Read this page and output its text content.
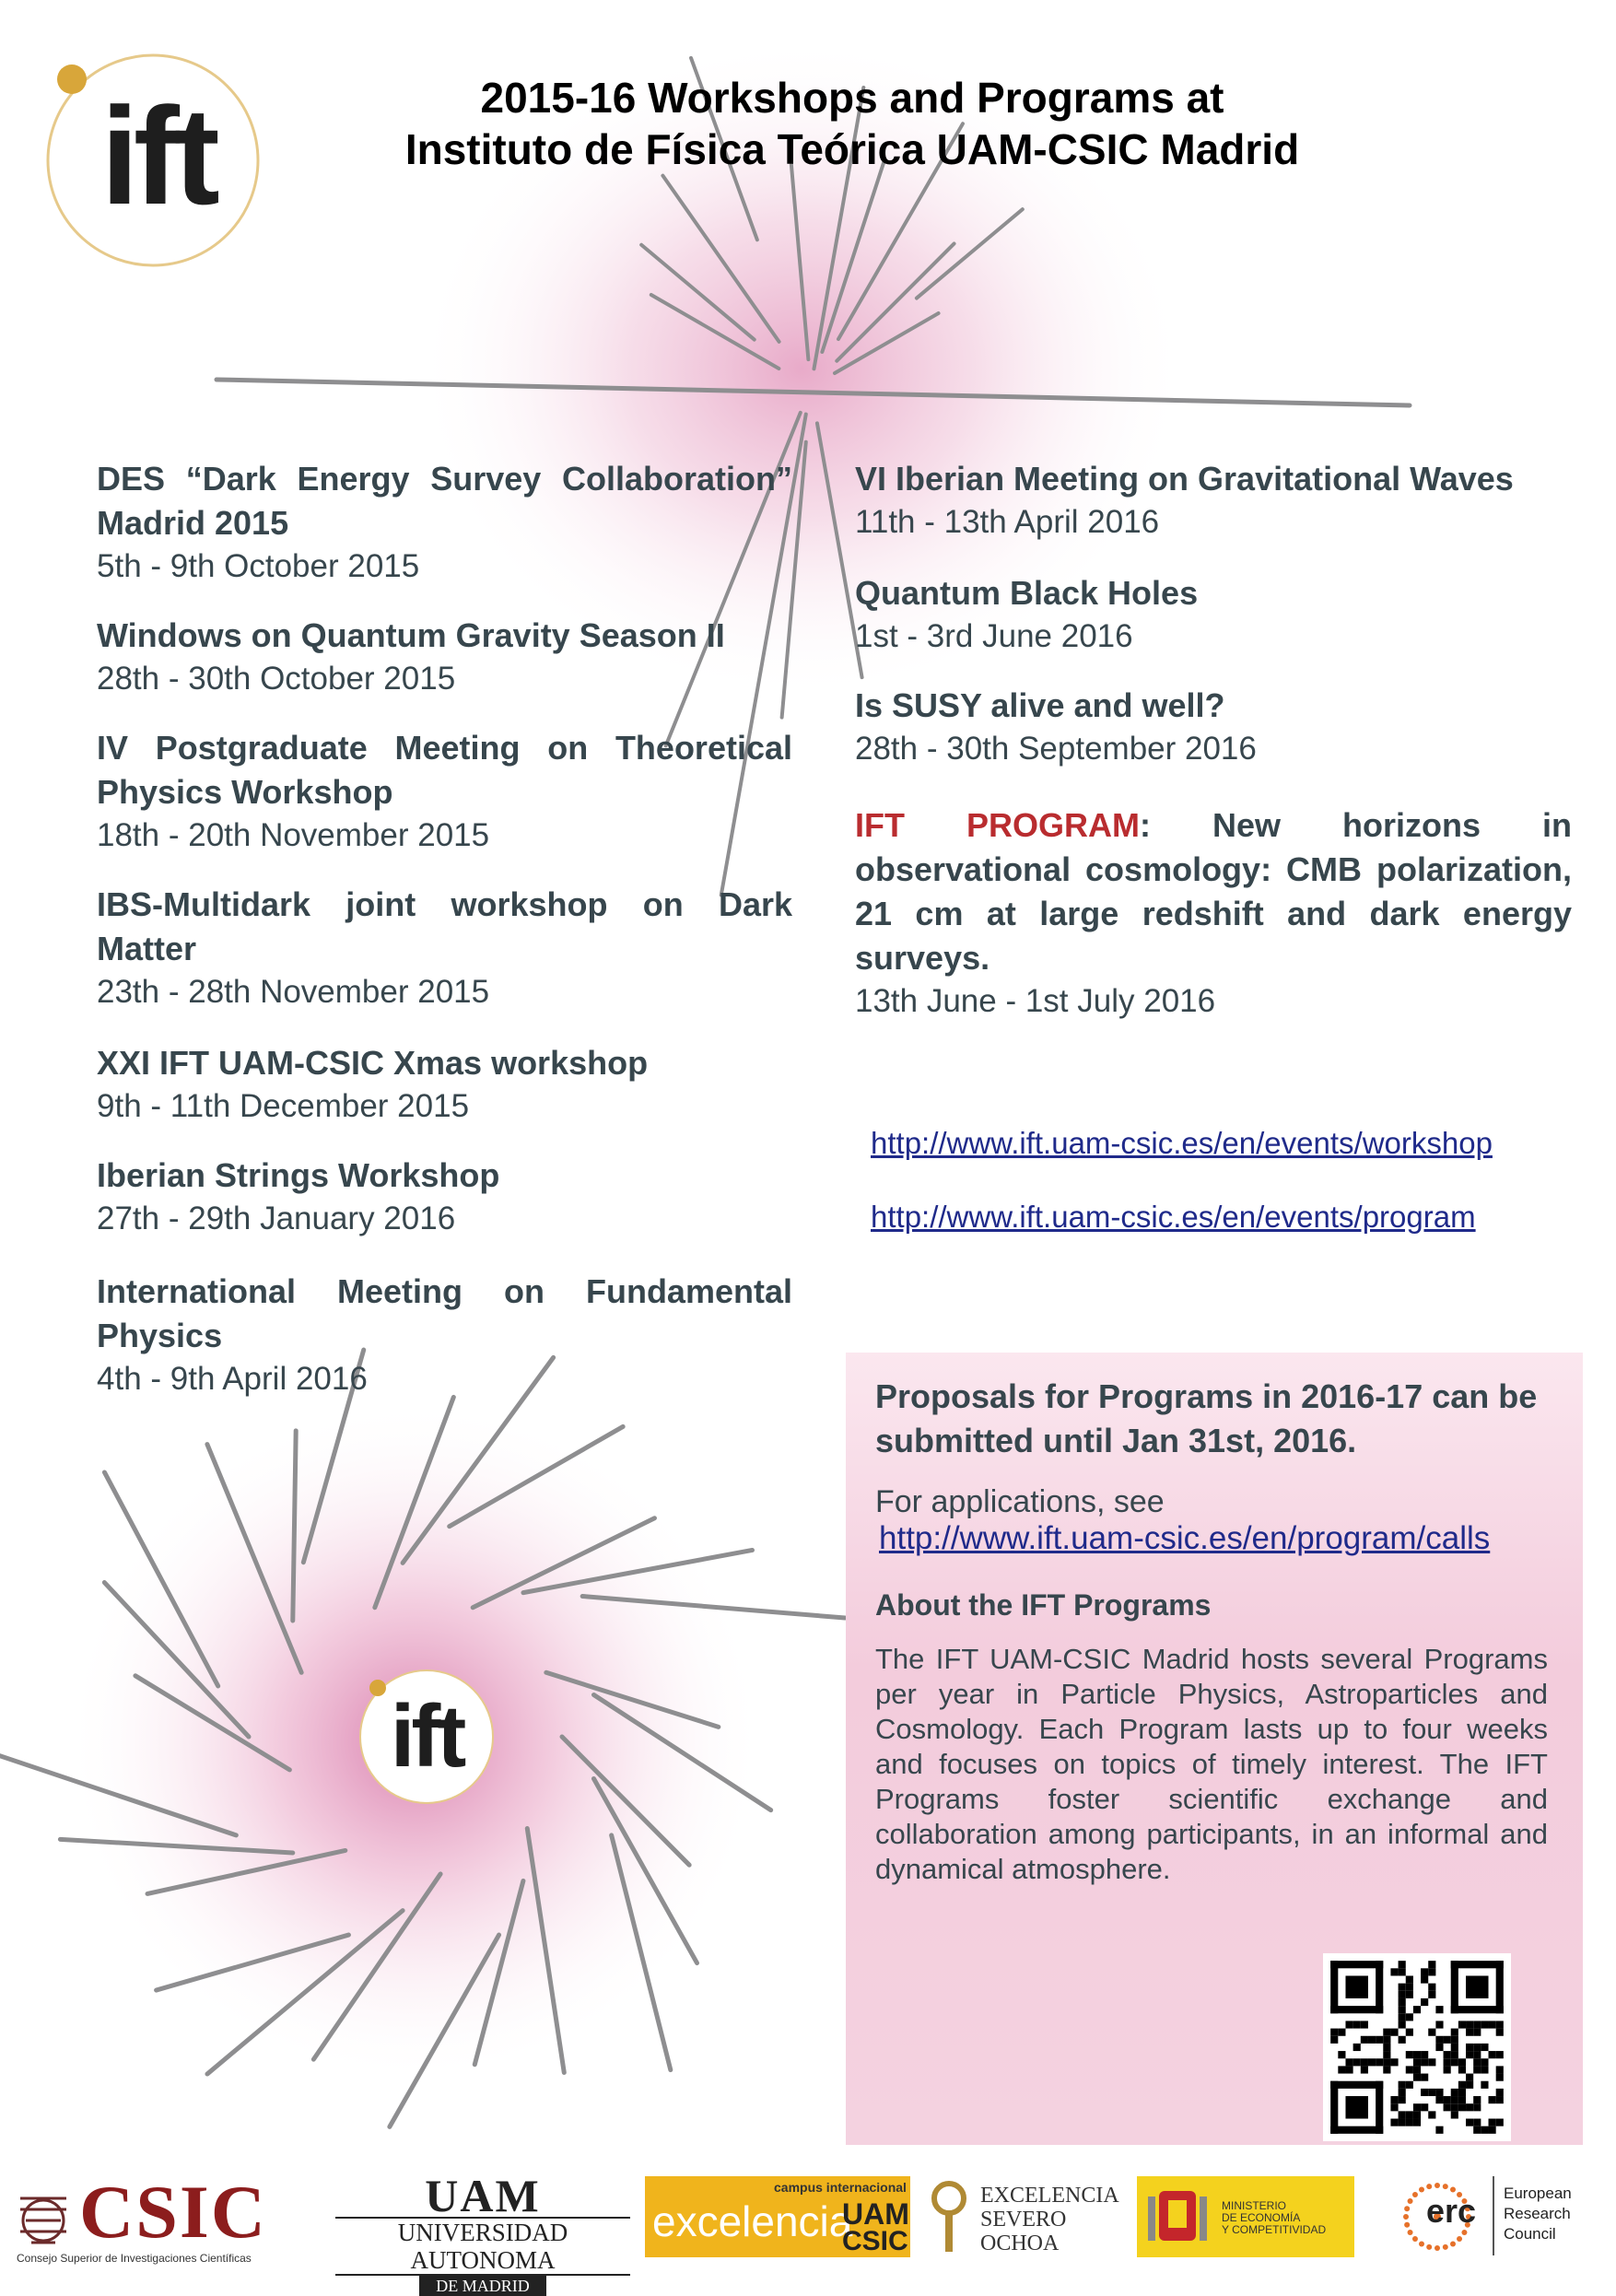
ift	2015-16 Workshops and Programs at
Instituto de Física Teórica UAM-CSIC Madrid
DES “Dark Energy Survey Collaboration” Madrid 2015
5th - 9th October 2015
Windows on Quantum Gravity Season II
28th - 30th October 2015
IV Postgraduate Meeting on Theoretical Physics Workshop
18th - 20th November 2015
IBS-Multidark joint workshop on Dark Matter
23th - 28th November 2015
XXI IFT UAM-CSIC Xmas workshop
9th - 11th December 2015
Iberian Strings Workshop
27th - 29th January 2016
International Meeting on Fundamental Physics
4th - 9th April 2016
VI Iberian Meeting on Gravitational Waves
11th - 13th April 2016
Quantum Black Holes
1st - 3rd June 2016
Is SUSY alive and well?
28th - 30th September 2016
IFT PROGRAM: New horizons in observational cosmology: CMB polarization, 21 cm at large redshift and dark energy surveys.
13th June - 1st July 2016
http://www.ift.uam-csic.es/en/events/workshop
http://www.ift.uam-csic.es/en/events/program
Proposals for Programs in 2016-17 can be submitted until Jan 31st, 2016.
For applications, see
http://www.ift.uam-csic.es/en/program/calls
About the IFT Programs
The IFT UAM-CSIC Madrid hosts several Programs per year in Particle Physics, Astroparticles and Cosmology. Each Program lasts up to four weeks and focuses on topics of timely interest. The IFT Programs foster scientific exchange and collaboration among participants, in an informal and dynamical atmosphere.
ift
CSIC
Consejo Superior de Investigaciones Científicas
UAM
UNIVERSIDAD AUTONOMA
DE MADRID
campus internacional
excelencia
UAM
CSIC
EXCELENCIA
SEVERO
OCHOA
MINISTERIO
DE ECONOMÍA
Y COMPETITIVIDAD	erc European
Research
Council
